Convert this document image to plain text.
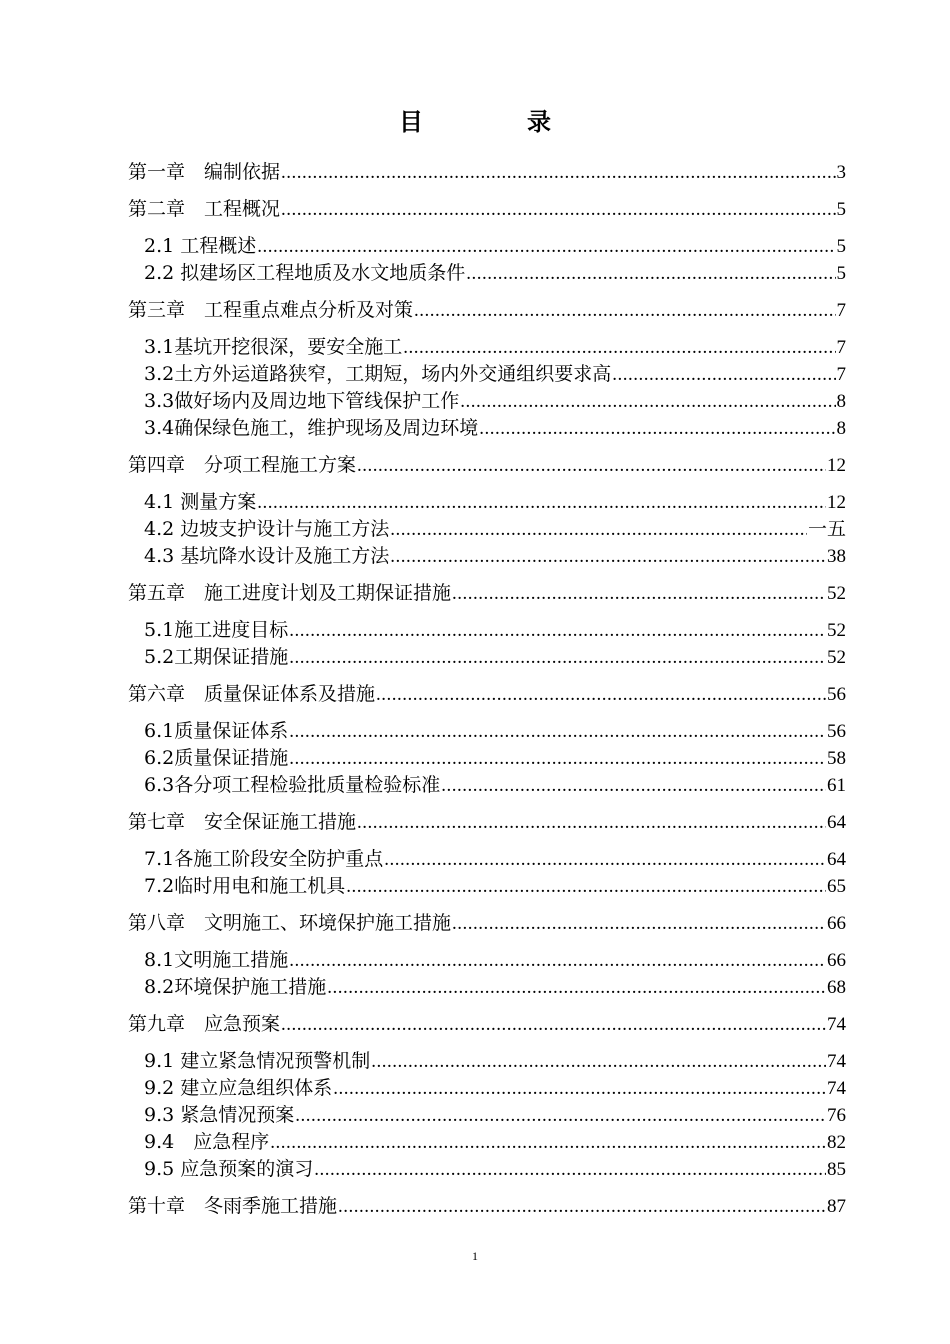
目　录
第一章　编制依据 .....	3
第二章　工程概况 .....	5
2.1 工程概述 .....	5
2.2 拟建场区工程地质及水文地质条件 .....	5
第三章　工程重点难点分析及对策 .....	7
3.1基坑开挖很深，要安全施工 .....	7
3.2土方外运道路狭窄，工期短，场内外交通组织要求高 .....	7
3.3做好场内及周边地下管线保护工作 .....	8
3.4确保绿色施工，维护现场及周边环境 .....	8
第四章　分项工程施工方案 .....	12
4.1 测量方案 .....	12
4.2 边坡支护设计与施工方法 .....	一五
4.3 基坑降水设计及施工方法 .....	38
第五章　施工进度计划及工期保证措施 .....	52
5.1施工进度目标 .....	52
5.2工期保证措施 .....	52
第六章　质量保证体系及措施 .....	56
6.1质量保证体系 .....	56
6.2质量保证措施 .....	58
6.3各分项工程检验批质量检验标准 .....	61
第七章　安全保证施工措施 .....	64
7.1各施工阶段安全防护重点 .....	64
7.2临时用电和施工机具 .....	65
第八章　文明施工、环境保护施工措施 .....	66
8.1文明施工措施 .....	66
8.2环境保护施工措施 .....	68
第九章　应急预案 .....	74
9.1 建立紧急情况预警机制 .....	74
9.2 建立应急组织体系 .....	74
9.3 紧急情况预案 .....	76
9.4　应急程序 .....	82
9.5 应急预案的演习 .....	85
第十章　冬雨季施工措施 .....	87
1
